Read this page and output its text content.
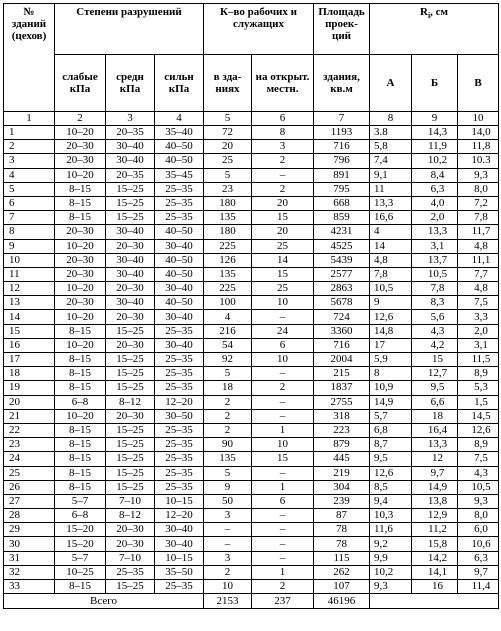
№ зданий (цехов)	Степени разрушений			К–во рабочих и служащих		Площадь проек- ций	$R_i$, см		
	слабые кПа	средн кПа	сильн кПа	в зда- ниях	на открыт. местн.	здания, кв.м	А	Б	В
1	2	3	4	5	6	7	8	9	10
1	10–20	20–35	35–40	72	8	1193	3.8	14,3	14,0
2	20–30	30–40	40–50	20	3	716	5,8	11,9	11,8
3	20–30	30–40	40–50	25	2	796	7,4	10,2	10.3
4	10–20	20–35	35–45	5	–	891	9,1	8,4	9,3
5	8–15	15–25	25–35	23	2	795	11	6,3	8,0
6	8–15	15–25	25–35	180	20	668	13,3	4,0	7,2
7	8–15	15–25	25–35	135	15	859	16,6	2,0	7,8
8	20–30	30–40	40–50	180	20	4231	4	13,3	11,7
9	10–20	20–30	30–40	225	25	4525	14	3,1	4,8
10	20–30	30–40	40–50	126	14	5439	4,8	13,7	11,1
11	20–30	30–40	40–50	135	15	2577	7,8	10,5	7,7
12	10–20	20–30	30–40	225	25	2863	10,5	7,8	4,8
13	20–30	30–40	40–50	100	10	5678	9	8,3	7,5
14	10–20	20–30	30–40	4	–	724	12,6	5,6	3,3
15	8–15	15–25	25–35	216	24	3360	14,8	4,3	2,0
16	10–20	20–30	30–40	54	6	716	17	4,2	3,1
17	8–15	15–25	25–35	92	10	2004	5,9	15	11,5
18	8–15	15–25	25–35	5	–	215	8	12,7	8,9
19	8–15	15–25	25–35	18	2	1837	10,9	9,5	5,3
20	6–8	8–12	12–20	2	–	2755	14,9	6,6	1,5
21	10–20	20–30	30–50	2	–	318	5,7	18	14,5
22	8–15	15–25	25–35	2	1	223	6,8	16,4	12,6
23	8–15	15–25	25–35	90	10	879	8,7	13,3	8,9
24	8–15	15–25	25–35	135	15	445	9,5	12	7,5
25	8–15	15–25	25–35	5	–	219	12,6	9,7	4,3
26	8–15	15–25	25–35	9	1	304	8,5	14,9	10,5
27	5–7	7–10	10–15	50	6	239	9,4	13,8	9,3
28	6–8	8–12	12–20	3	–	87	10,3	12,9	8,0
29	15–20	20–30	30–40	–	–	78	11,6	11,2	6,0
30	15–20	20–30	30–40	–	–	78	9,2	15,8	10,6
31	5–7	7–10	10–15	3	–	115	9,9	14,2	6,3
32	10–25	25–35	35–50	2	1	262	10,2	14,1	9,7
33	8–15	15–25	25–35	10	2	107	9,3	16	11,4
Всего				2153	237	46196			
